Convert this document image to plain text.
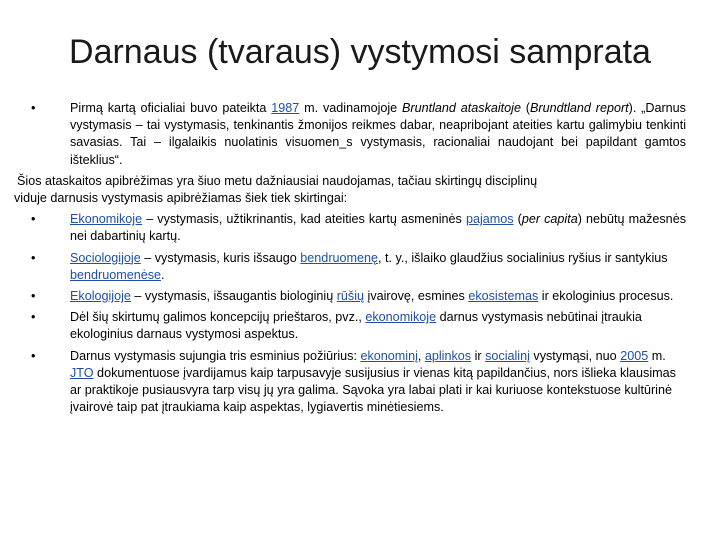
Darnaus (tvaraus) vystymosi samprata
•	Pirmą kartą oficialiai buvo pateikta 1987 m. vadinamojoje Bruntland ataskaitoje (Brundtland report). „Darnus vystymasis – tai vystymasis, tenkinantis žmonijos reikmes dabar, neapribojant ateities kartu galimybiu tenkinti savasias. Tai – ilgalaikis nuolatinis visuomen_s vystymasis, racionaliai naudojant bei papildant gamtos išteklius“.
Šios ataskaitos apibrėžimas yra šiuo metu dažniausiai naudojamas, tačiau skirtingų disciplinų
viduje darnusis vystymasis apibrėžiamas šiek tiek skirtingai:
•	Ekonomikoje – vystymasis, užtikrinantis, kad ateities kartų asmeninės pajamos (per capita) nebūtų mažesnės nei dabartinių kartų.
•	Sociologijoje – vystymasis, kuris išsaugo bendruomenę, t. y., išlaiko glaudžius socialinius ryšius ir santykius bendruomenėse.
•	Ekologijoje – vystymasis, išsaugantis biologinių rūšių įvairovę, esmines ekosistemas ir ekologinius procesus.
•	Dėl šių skirtumų galimos koncepcijų prieštaros, pvz., ekonomikoje darnus vystymasis nebūtinai įtraukia ekologinius darnaus vystymosi aspektus.
•	Darnus vystymasis sujungia tris esminius požiūrius: ekonominį, aplinkos ir socialinį vystymąsi, nuo 2005 m. JTO dokumentuose įvardijamus kaip tarpusavyje susijusius ir vienas kitą papildančius, nors išlieka klausimas ar praktikoje pusiausvyra tarp visų jų yra galima. Sąvoka yra labai plati ir kai kuriuose kontekstuose kultūrinė įvairovė taip pat įtraukiama kaip aspektas, lygiavertis minėtiesiems.
